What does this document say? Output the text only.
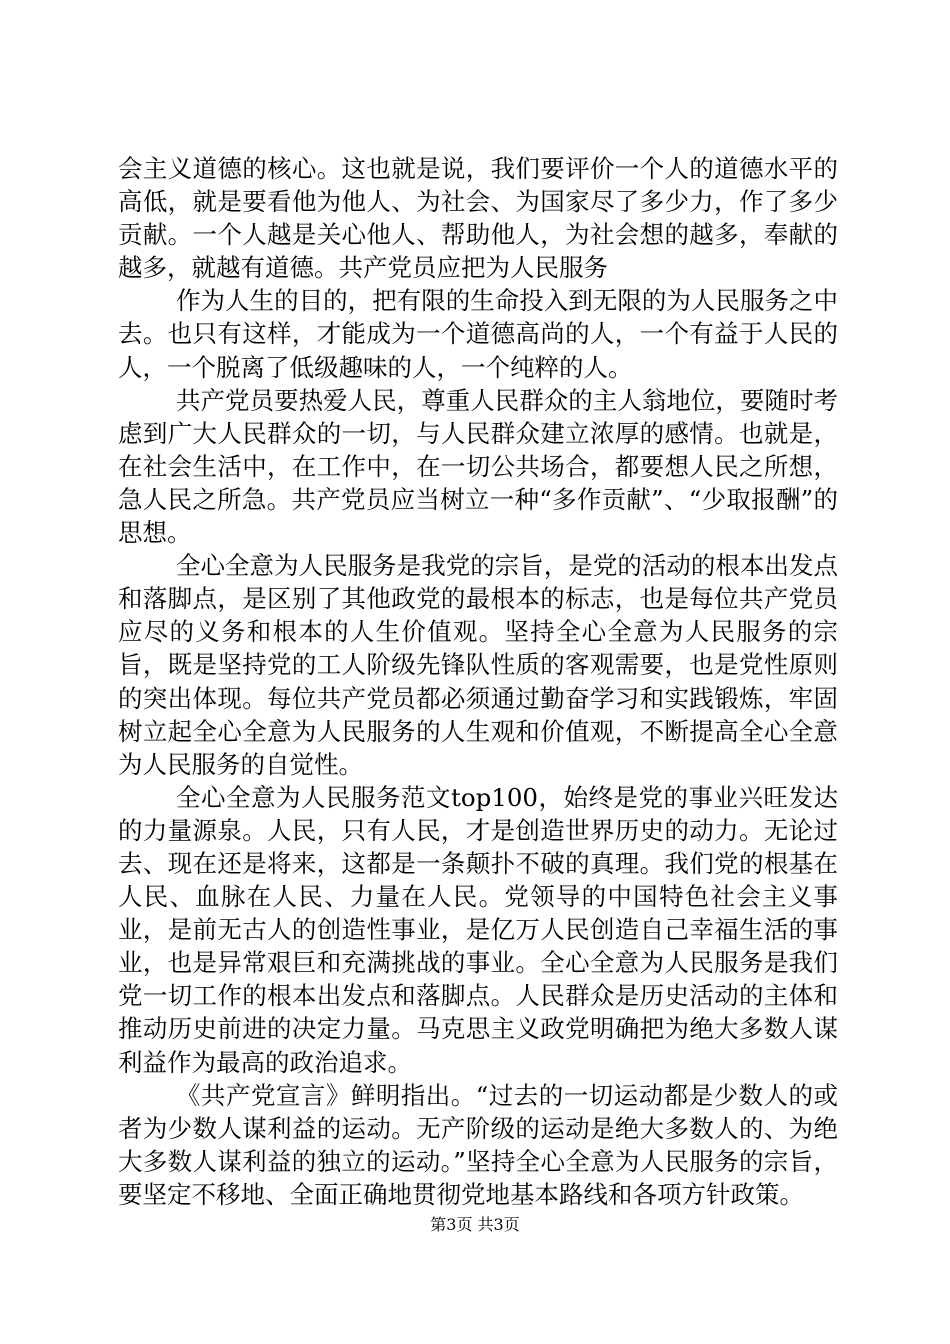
会主义道德的核心。这也就是说，我们要评价一个人的道德水平的高低，就是要看他为他人、为社会、为国家尽了多少力，作了多少贡献。一个人越是关心他人、帮助他人，为社会想的越多，奉献的越多，就越有道德。共产党员应把为人民服务

作为人生的目的，把有限的生命投入到无限的为人民服务之中去。也只有这样，才能成为一个道德高尚的人，一个有益于人民的人，一个脱离了低级趣味的人，一个纯粹的人。

共产党员要热爱人民，尊重人民群众的主人翁地位，要随时考虑到广大人民群众的一切，与人民群众建立浓厚的感情。也就是，在社会生活中，在工作中，在一切公共场合，都要想人民之所想，急人民之所急。共产党员应当树立一种“多作贡献”、“少取报酬”的思想。

全心全意为人民服务是我党的宗旨，是党的活动的根本出发点和落脚点，是区别了其他政党的最根本的标志，也是每位共产党员应尽的义务和根本的人生价值观。坚持全心全意为人民服务的宗旨，既是坚持党的工人阶级先锋队性质的客观需要，也是党性原则的突出体现。每位共产党员都必须通过勤奋学习和实践锻炼，牢固树立起全心全意为人民服务的人生观和价值观，不断提高全心全意为人民服务的自觉性。

全心全意为人民服务范文top100，始终是党的事业兴旺发达的力量源泉。人民，只有人民，才是创造世界历史的动力。无论过去、现在还是将来，这都是一条颠扑不破的真理。我们党的根基在人民、血脉在人民、力量在人民。党领导的中国特色社会主义事业，是前无古人的创造性事业，是亿万人民创造自己幸福生活的事业，也是异常艰巨和充满挑战的事业。全心全意为人民服务是我们党一切工作的根本出发点和落脚点。人民群众是历史活动的主体和推动历史前进的决定力量。马克思主义政党明确把为绝大多数人谋利益作为最高的政治追求。

《共产党宣言》鲜明指出。“过去的一切运动都是少数人的或者为少数人谋利益的运动。无产阶级的运动是绝大多数人的、为绝大多数人谋利益的独立的运动。”坚持全心全意为人民服务的宗旨，要坚定不移地、全面正确地贯彻党地基本路线和各项方针政策。

第3页 共3页
